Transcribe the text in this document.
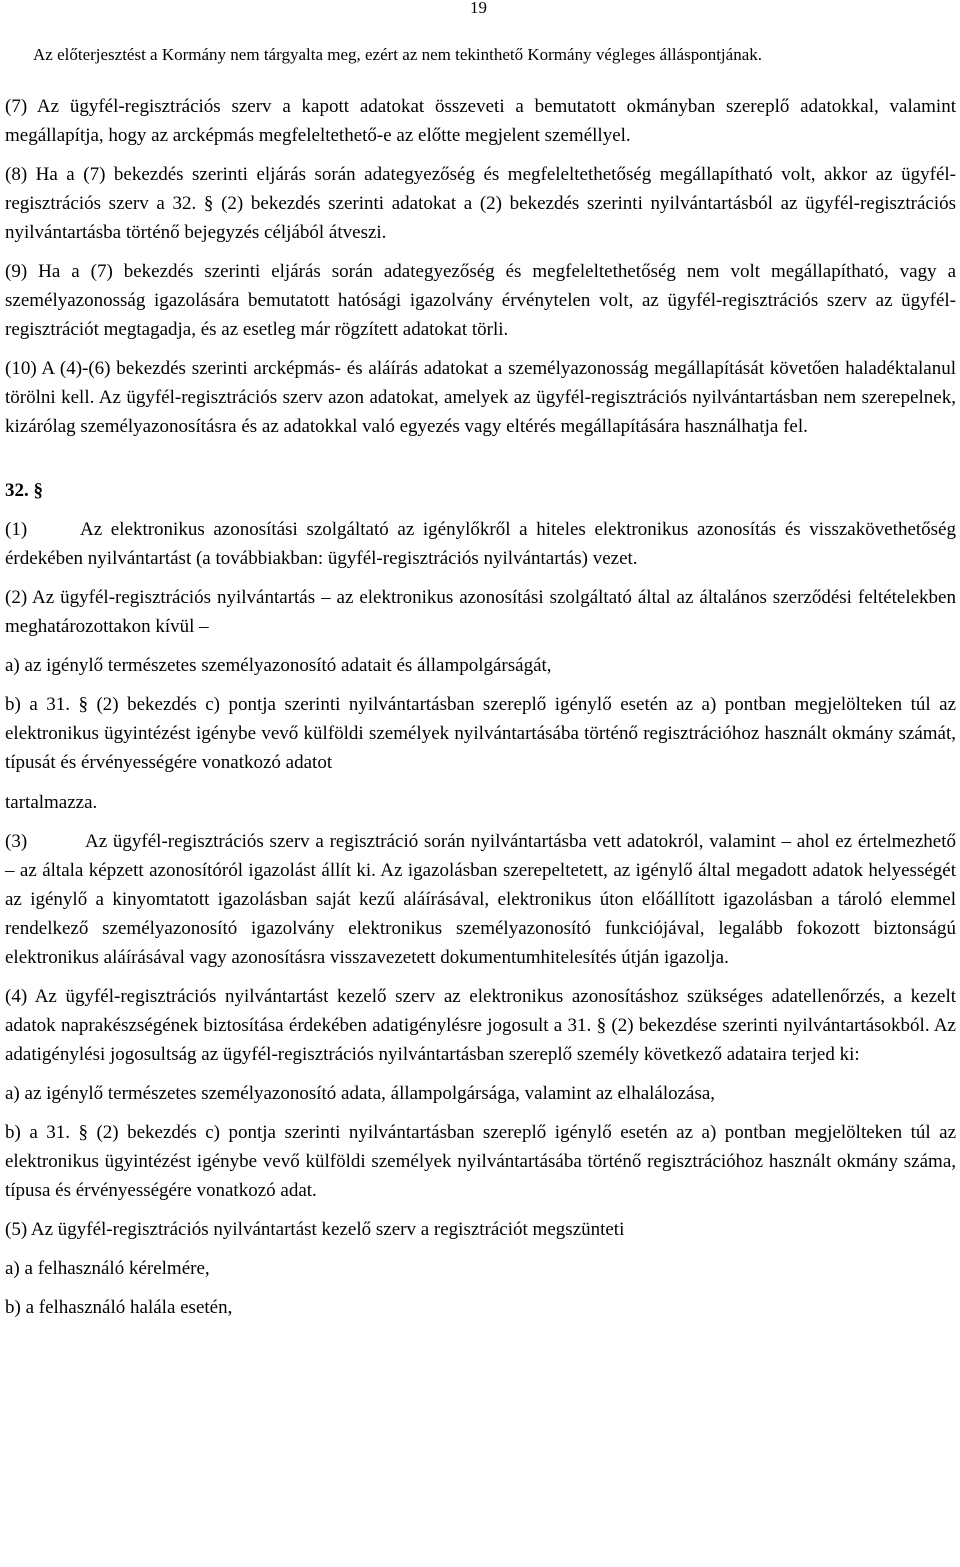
19
Az előterjesztést a Kormány nem tárgyalta meg, ezért az nem tekinthető Kormány végleges álláspontjának.

(7) Az ügyfél-regisztrációs szerv a kapott adatokat összeveti a bemutatott okmányban szereplő adatokkal, valamint megállapítja, hogy az arcképmás megfeleltethető-e az előtte megjelent személlyel.

(8) Ha a (7) bekezdés szerinti eljárás során adategyezőség és megfeleltethetőség megállapítható volt, akkor az ügyfél-regisztrációs szerv a 32. § (2) bekezdés szerinti adatokat a (2) bekezdés szerinti nyilvántartásból az ügyfél-regisztrációs nyilvántartásba történő bejegyzés céljából átveszi.

(9) Ha a (7) bekezdés szerinti eljárás során adategyezőség és megfeleltethetőség nem volt megállapítható, vagy a személyazonosság igazolására bemutatott hatósági igazolvány érvénytelen volt, az ügyfél-regisztrációs szerv az ügyfél-regisztrációt megtagadja, és az esetleg már rögzített adatokat törli.

(10) A (4)-(6) bekezdés szerinti arcképmás- és aláírás adatokat a személyazonosság megállapítását követően haladéktalanul törölni kell. Az ügyfél-regisztrációs szerv azon adatokat, amelyek az ügyfél-regisztrációs nyilvántartásban nem szerepelnek, kizárólag személyazonosításra és az adatokkal való egyezés vagy eltérés megállapítására használhatja fel.

32. §

(1)	Az elektronikus azonosítási szolgáltató az igénylőkről a hiteles elektronikus azonosítás és visszakövethetőség érdekében nyilvántartást (a továbbiakban: ügyfél-regisztrációs nyilvántartás) vezet.

(2) Az ügyfél-regisztrációs nyilvántartás – az elektronikus azonosítási szolgáltató által az általános szerződési feltételekben meghatározottakon kívül –

a) az igénylő természetes személyazonosító adatait és állampolgárságát,

b) a 31. § (2) bekezdés c) pontja szerinti nyilvántartásban szereplő igénylő esetén az a) pontban megjelölteken túl az elektronikus ügyintézést igénybe vevő külföldi személyek nyilvántartásába történő regisztrációhoz használt okmány számát, típusát és érvényességére vonatkozó adatot

tartalmazza.

(3)	Az ügyfél-regisztrációs szerv a regisztráció során nyilvántartásba vett adatokról, valamint – ahol ez értelmezhető – az általa képzett azonosítóról igazolást állít ki. Az igazolásban szerepeltetett, az igénylő által megadott adatok helyességét az igénylő a kinyomtatott igazolásban saját kezű aláírásával, elektronikus úton előállított igazolásban a tároló elemmel rendelkező személyazonosító igazolvány elektronikus személyazonosító funkciójával, legalább fokozott biztonságú elektronikus aláírásával vagy azonosításra visszavezetett dokumentumhitelesítés útján igazolja.

(4) Az ügyfél-regisztrációs nyilvántartást kezelő szerv az elektronikus azonosításhoz szükséges adatellenőrzés, a kezelt adatok naprakészségének biztosítása érdekében adatigénylésre jogosult a 31. § (2) bekezdése szerinti nyilvántartásokból. Az adatigénylési jogosultság az ügyfél-regisztrációs nyilvántartásban szereplő személy következő adataira terjed ki:

a) az igénylő természetes személyazonosító adata, állampolgársága, valamint az elhalálozása,

b) a 31. § (2) bekezdés c) pontja szerinti nyilvántartásban szereplő igénylő esetén az a) pontban megjelölteken túl az elektronikus ügyintézést igénybe vevő külföldi személyek nyilvántartásába történő regisztrációhoz használt okmány száma, típusa és érvényességére vonatkozó adat.

(5) Az ügyfél-regisztrációs nyilvántartást kezelő szerv a regisztrációt megszünteti

a) a felhasználó kérelmére,

b) a felhasználó halála esetén,
